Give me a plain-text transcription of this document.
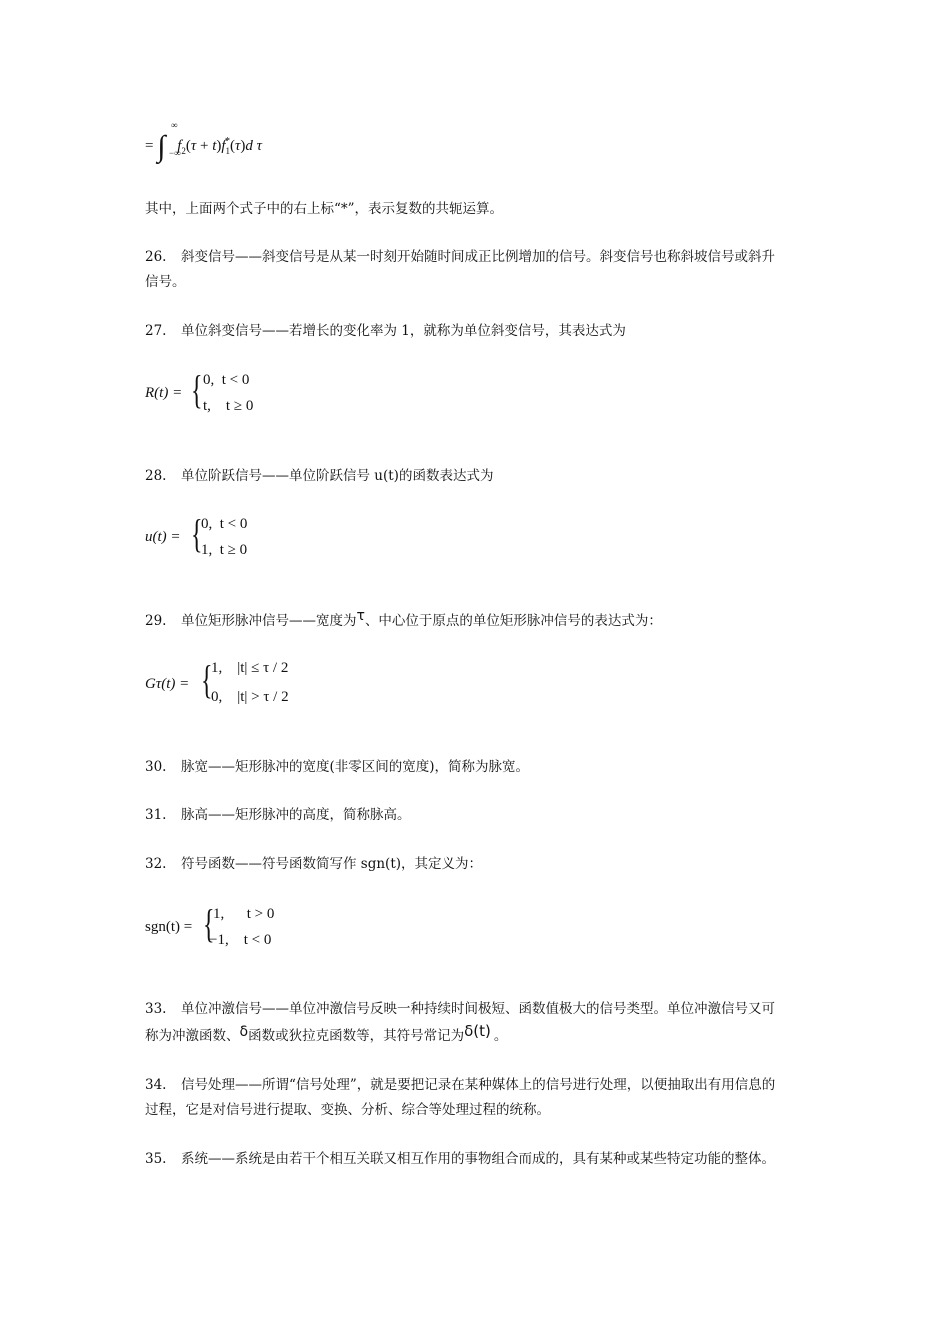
= ∫
∞
−∞
$f_2(\tau + t)f_1^*(\tau)d$ τ
其中，上面两个式子中的右上标“*”，表示复数的共轭运算。
26. 斜变信号——斜变信号是从某一时刻开始随时间成正比例增加的信号。斜变信号也称斜坡信号或斜升
信号。
27. 单位斜变信号——若增长的变化率为 1，就称为单位斜变信号，其表达式为
R(t) = { 0,  t < 0
t,    t ≥ 0
28. 单位阶跃信号——单位阶跃信号 u(t)的函数表达式为
u(t) = {
0,  t < 0
1,  t ≥ 0
29. 单位矩形脉冲信号——宽度为τ、中心位于原点的单位矩形脉冲信号的表达式为：
Gτ(t) = {
1,    |t| ≤ τ / 2
0,    |t| > τ / 2
30. 脉宽——矩形脉冲的宽度(非零区间的宽度)，简称为脉宽。
31. 脉高——矩形脉冲的高度，简称脉高。
32. 符号函数——符号函数简写作 sgn(t)，其定义为：
sgn(t) = {
1,      t > 0
−1,    t < 0
33. 单位冲激信号——单位冲激信号反映一种持续时间极短、函数值极大的信号类型。单位冲激信号又可
称为冲激函数、δ函数或狄拉克函数等，其符号常记为δ(t) 。
34. 信号处理——所谓“信号处理”，就是要把记录在某种媒体上的信号进行处理，以便抽取出有用信息的
过程，它是对信号进行提取、变换、分析、综合等处理过程的统称。
35. 系统——系统是由若干个相互关联又相互作用的事物组合而成的，具有某种或某些特定功能的整体。
